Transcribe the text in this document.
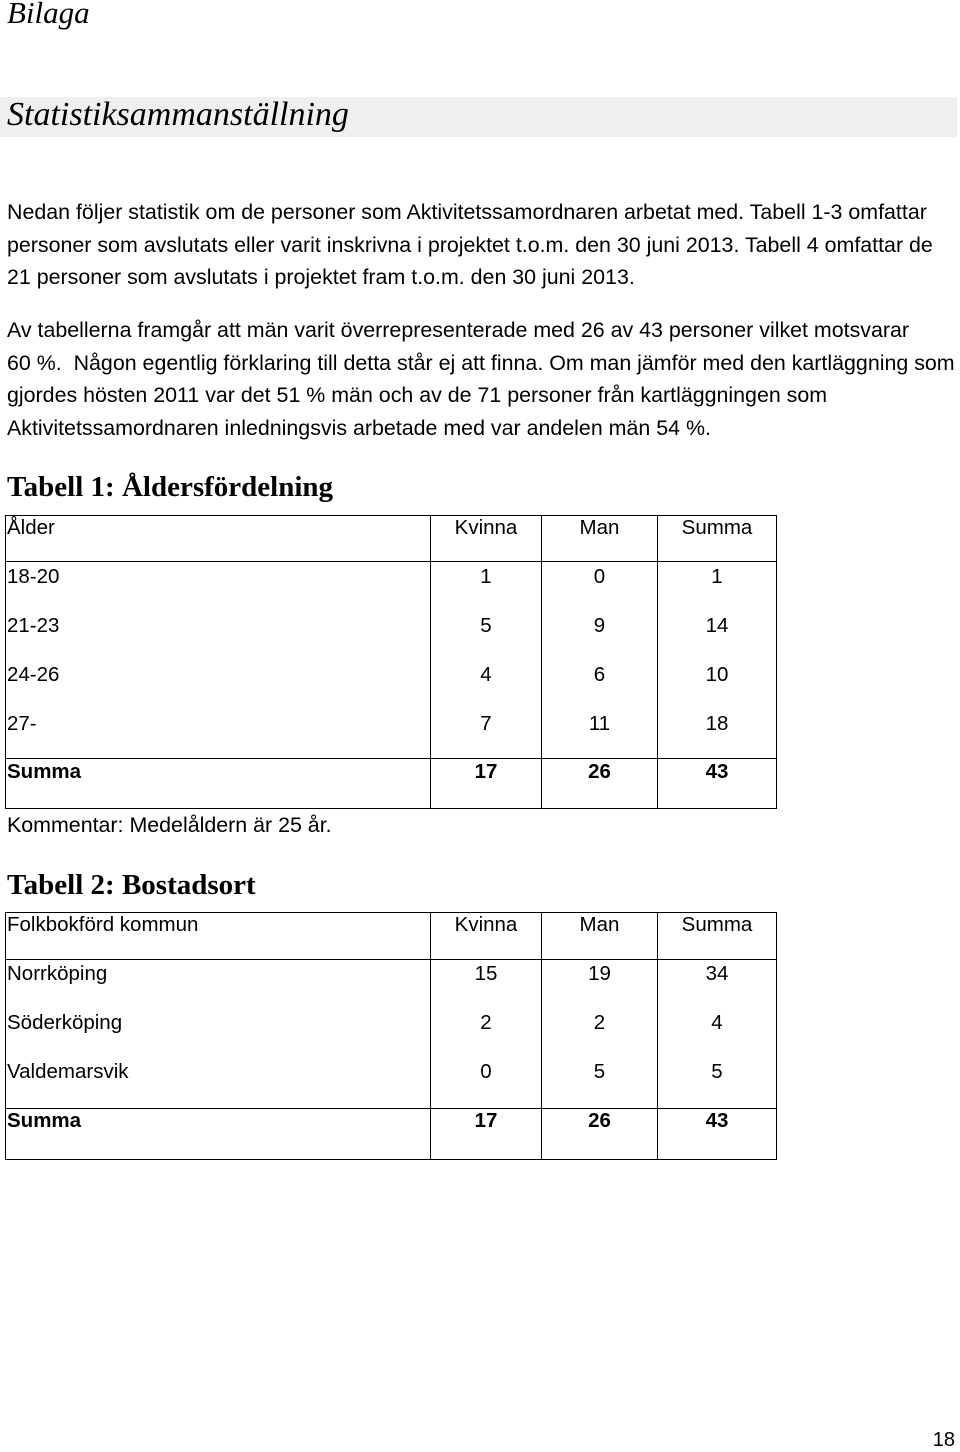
Bilaga
Statistiksammanställning
Nedan följer statistik om de personer som Aktivitetssamordnaren arbetat med. Tabell 1-3 omfattar
personer som avslutats eller varit inskrivna i projektet t.o.m. den 30 juni 2013. Tabell 4 omfattar de
21 personer som avslutats i projektet fram t.o.m. den 30 juni 2013.
Av tabellerna framgår att män varit överrepresenterade med 26 av 43 personer vilket motsvarar
60 %.  Någon egentlig förklaring till detta står ej att finna. Om man jämför med den kartläggning som
gjordes hösten 2011 var det 51 % män och av de 71 personer från kartläggningen som
Aktivitetssamordnaren inledningsvis arbetade med var andelen män 54 %.
Tabell 1: Åldersfördelning
Ålder	Kvinna	Man	Summa
18-20	1	0	1
21-23	5	9	14
24-26	4	6	10
27-	7	11	18
Summa	17	26	43
Kommentar: Medelåldern är 25 år.
Tabell 2: Bostadsort
Folkbokförd kommun	Kvinna	Man	Summa
Norrköping	15	19	34
Söderköping	2	2	4
Valdemarsvik	0	5	5
Summa	17	26	43
18
